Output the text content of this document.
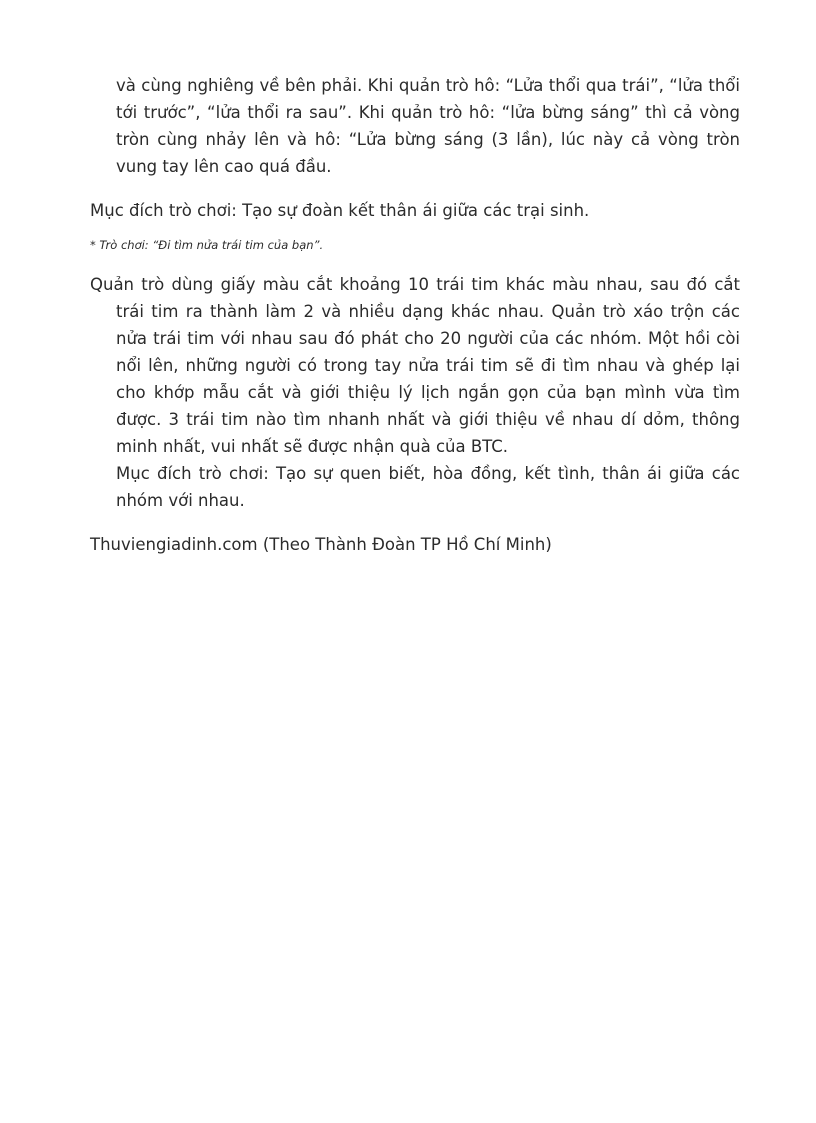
và cùng nghiêng về bên phải. Khi quản trò hô: “Lửa thổi qua trái”, “lửa thổi tới trước”, “lửa thổi ra sau”. Khi quản trò hô: “lửa bừng sáng” thì cả vòng tròn cùng nhảy lên và hô: “Lửa bừng sáng (3 lần), lúc này cả vòng tròn vung tay lên cao quá đầu.

Mục đích trò chơi: Tạo sự đoàn kết thân ái giữa các trại sinh.

* Trò chơi: “Đi tìm nửa trái tim của bạn”.

Quản trò dùng giấy màu cắt khoảng 10 trái tim khác màu nhau, sau đó cắt trái tim ra thành làm 2 và nhiều dạng khác nhau. Quản trò xáo trộn các nửa trái tim với nhau sau đó phát cho 20 người của các nhóm. Một hồi còi nổi lên, những người có trong tay nửa trái tim sẽ đi tìm nhau và ghép lại cho khớp mẫu cắt và giới thiệu lý lịch ngắn gọn của bạn mình vừa tìm được. 3 trái tim nào tìm nhanh nhất và giới thiệu về nhau dí dỏm, thông minh nhất, vui nhất sẽ được nhận quà của BTC.

Mục đích trò chơi: Tạo sự quen biết, hòa đồng, kết tình, thân ái giữa các nhóm với nhau.

Thuviengiadinh.com (Theo Thành Đoàn TP Hồ Chí Minh)
